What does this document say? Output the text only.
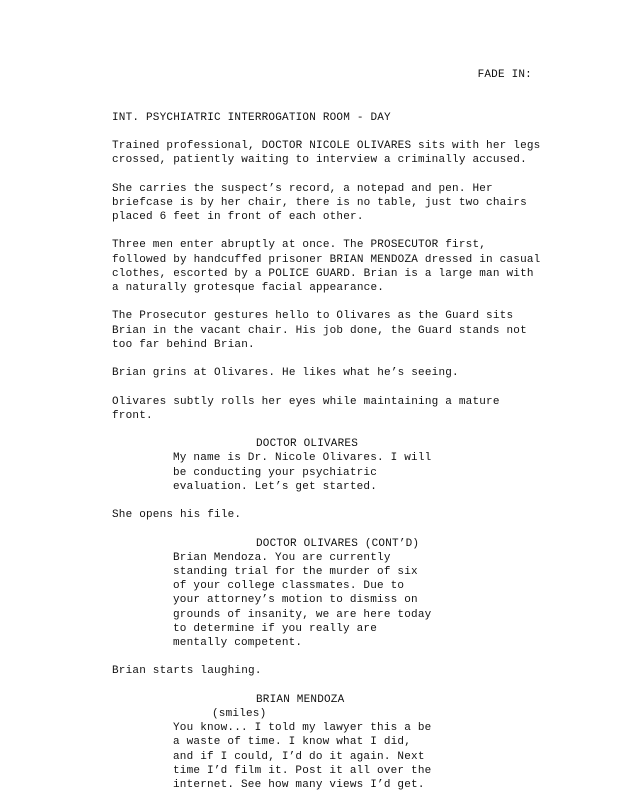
FADE IN:
INT. PSYCHIATRIC INTERROGATION ROOM - DAY
Trained professional, DOCTOR NICOLE OLIVARES sits with her legs crossed, patiently waiting to interview a criminally accused.
She carries the suspect’s record, a notepad and pen. Her briefcase is by her chair, there is no table, just two chairs placed 6 feet in front of each other.
Three men enter abruptly at once. The PROSECUTOR first, followed by handcuffed prisoner BRIAN MENDOZA dressed in casual clothes, escorted by a POLICE GUARD. Brian is a large man with a naturally grotesque facial appearance.
The Prosecutor gestures hello to Olivares as the Guard sits Brian in the vacant chair. His job done, the Guard stands not too far behind Brian.
Brian grins at Olivares. He likes what he’s seeing.
Olivares subtly rolls her eyes while maintaining a mature front.
DOCTOR OLIVARES
My name is Dr. Nicole Olivares. I will be conducting your psychiatric evaluation. Let’s get started.
She opens his file.
DOCTOR OLIVARES (CONT’D)
Brian Mendoza. You are currently standing trial for the murder of six of your college classmates. Due to your attorney’s motion to dismiss on grounds of insanity, we are here today to determine if you really are mentally competent.
Brian starts laughing.
BRIAN MENDOZA
(smiles)
You know... I told my lawyer this a be a waste of time. I know what I did, and if I could, I’d do it again. Next time I’d film it. Post it all over the internet. See how many views I’d get.
